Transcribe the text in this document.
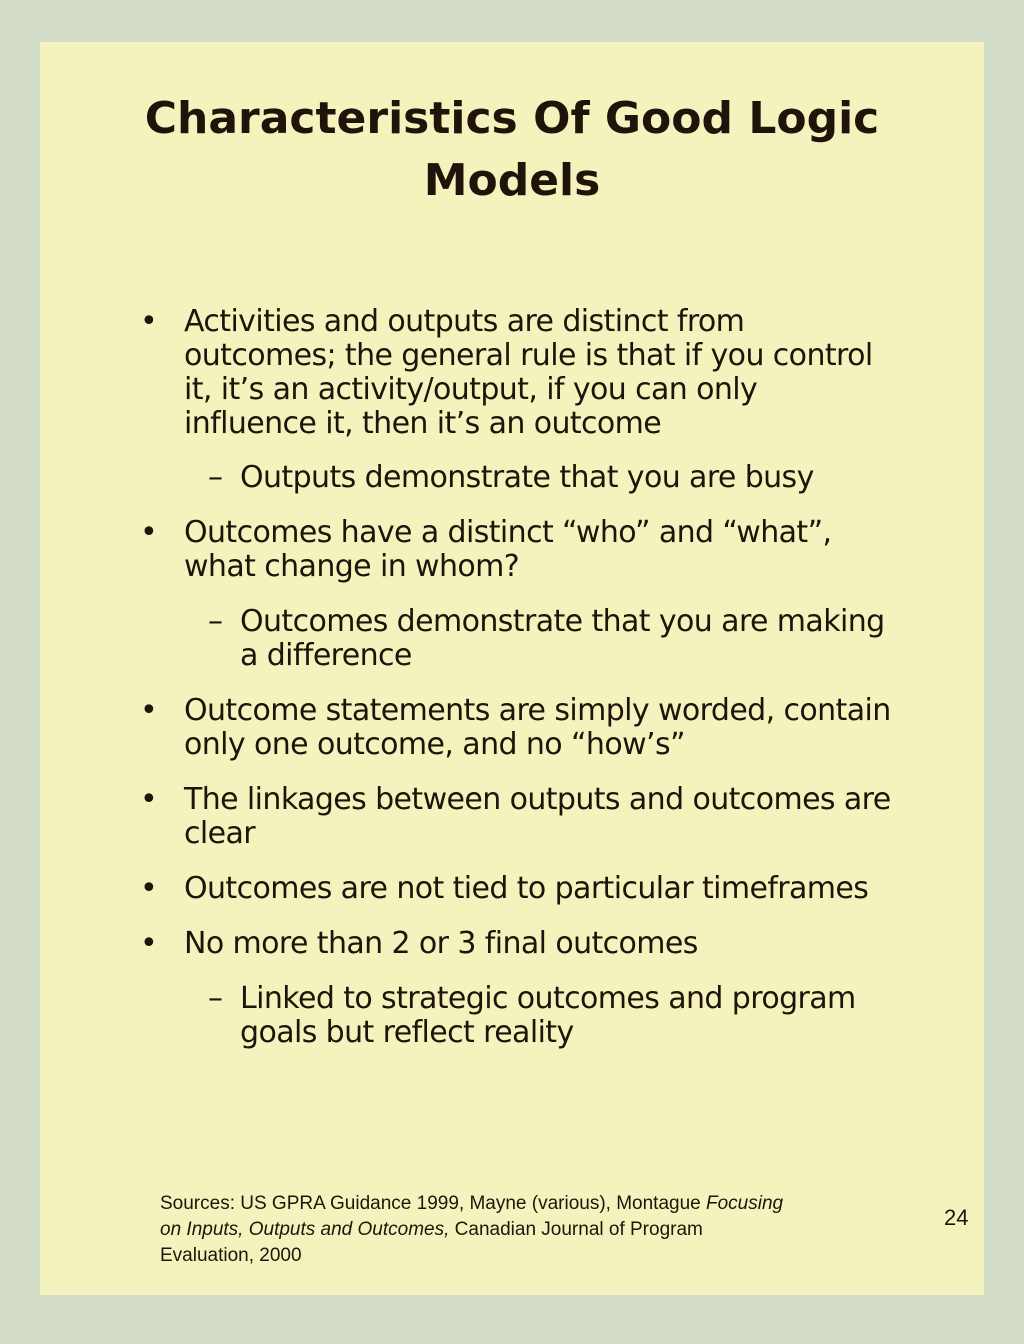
Characteristics Of Good Logic
Models
• Activities and outputs are distinct from
outcomes; the general rule is that if you control
it, it’s an activity/output, if you can only
influence it, then it’s an outcome
– Outputs demonstrate that you are busy
• Outcomes have a distinct “who” and “what”,
what change in whom?
– Outcomes demonstrate that you are making
a difference
• Outcome statements are simply worded, contain
only one outcome, and no “how’s”
• The linkages between outputs and outcomes are
clear
• Outcomes are not tied to particular timeframes
• No more than 2 or 3 final outcomes
– Linked to strategic outcomes and program
goals but reflect reality
Sources: US GPRA Guidance 1999, Mayne (various), Montague Focusing
on Inputs, Outputs and Outcomes, Canadian Journal of Program
Evaluation, 2000
24
